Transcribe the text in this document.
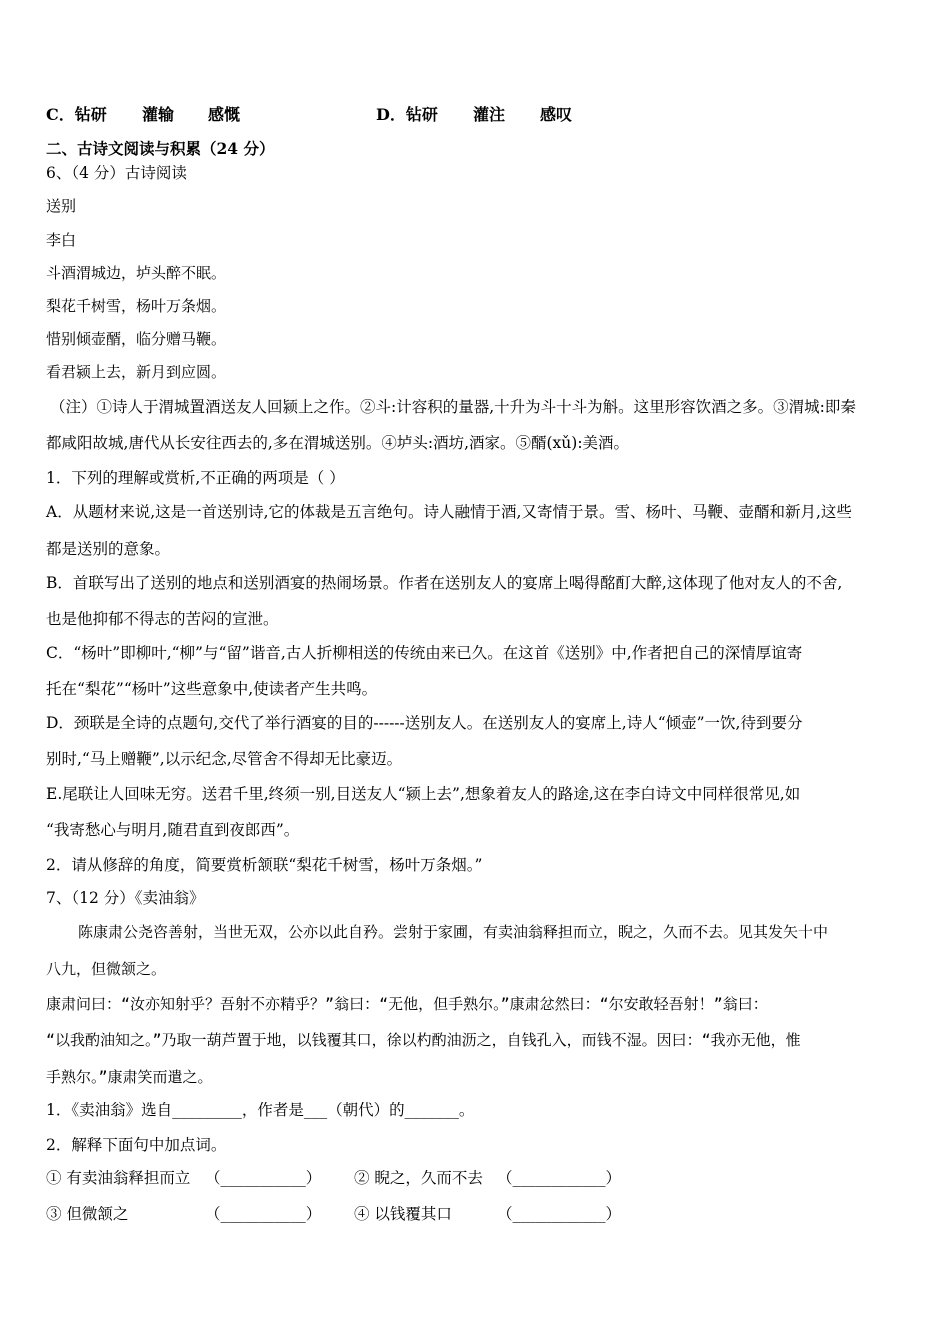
C．钻研 灌输 感慨	D．钻研 灌注 感叹
二、古诗文阅读与积累（24 分）
6、（4 分）古诗阅读
送别
李白
斗酒渭城边，垆头醉不眠。
梨花千树雪，杨叶万条烟。
惜别倾壶醑，临分赠马鞭。
看君颍上去，新月到应圆。
（注）①诗人于渭城置酒送友人回颍上之作。②斗:计容积的量器,十升为斗十斗为斛。这里形容饮酒之多。③渭城:即秦
都咸阳故城,唐代从长安往西去的,多在渭城送别。④垆头:酒坊,酒家。⑤醑(xǔ):美酒。
1．下列的理解或赏析,不正确的两项是（ ）
A．从题材来说,这是一首送别诗,它的体裁是五言绝句。诗人融情于酒,又寄情于景。雪、杨叶、马鞭、壶醑和新月,这些
都是送别的意象。
B．首联写出了送别的地点和送别酒宴的热闹场景。作者在送别友人的宴席上喝得酩酊大醉,这体现了他对友人的不舍,
也是他抑郁不得志的苦闷的宣泄。
C．“杨叶”即柳叶,“柳”与“留”谐音,古人折柳相送的传统由来已久。在这首《送别》中,作者把自己的深情厚谊寄
托在“梨花”“杨叶”这些意象中,使读者产生共鸣。
D．颈联是全诗的点题句,交代了举行酒宴的目的------送别友人。在送别友人的宴席上,诗人“倾壶”一饮,待到要分
别时,“马上赠鞭”,以示纪念,尽管舍不得却无比豪迈。
E.尾联让人回味无穷。送君千里,终须一别,目送友人“颍上去”,想象着友人的路途,这在李白诗文中同样很常见,如
“我寄愁心与明月,随君直到夜郎西”。
2．请从修辞的角度，简要赏析颔联“梨花千树雪，杨叶万条烟。”
7、（12 分）《卖油翁》
陈康肃公尧咨善射，当世无双，公亦以此自矜。尝射于家圃，有卖油翁释担而立，睨之，久而不去。见其发矢十中
八九，但微颔之。
康肃问曰：“汝亦知射乎？吾射不亦精乎？”翁曰：“无他，但手熟尔。”康肃忿然曰：“尔安敢轻吾射！”翁曰：
“以我酌油知之。”乃取一葫芦置于地，以钱覆其口，徐以杓酌油沥之，自钱孔入，而钱不湿。因曰：“我亦无他，惟
手熟尔。”康肃笑而遣之。
1．《卖油翁》选自_________，作者是___（朝代）的_______。
2．解释下面句中加点词。
① 有卖油翁释担而立 （___________） ② 睨之，久而不去 （____________）
③ 但微颔之	（___________） ④ 以钱覆其口	（____________）
